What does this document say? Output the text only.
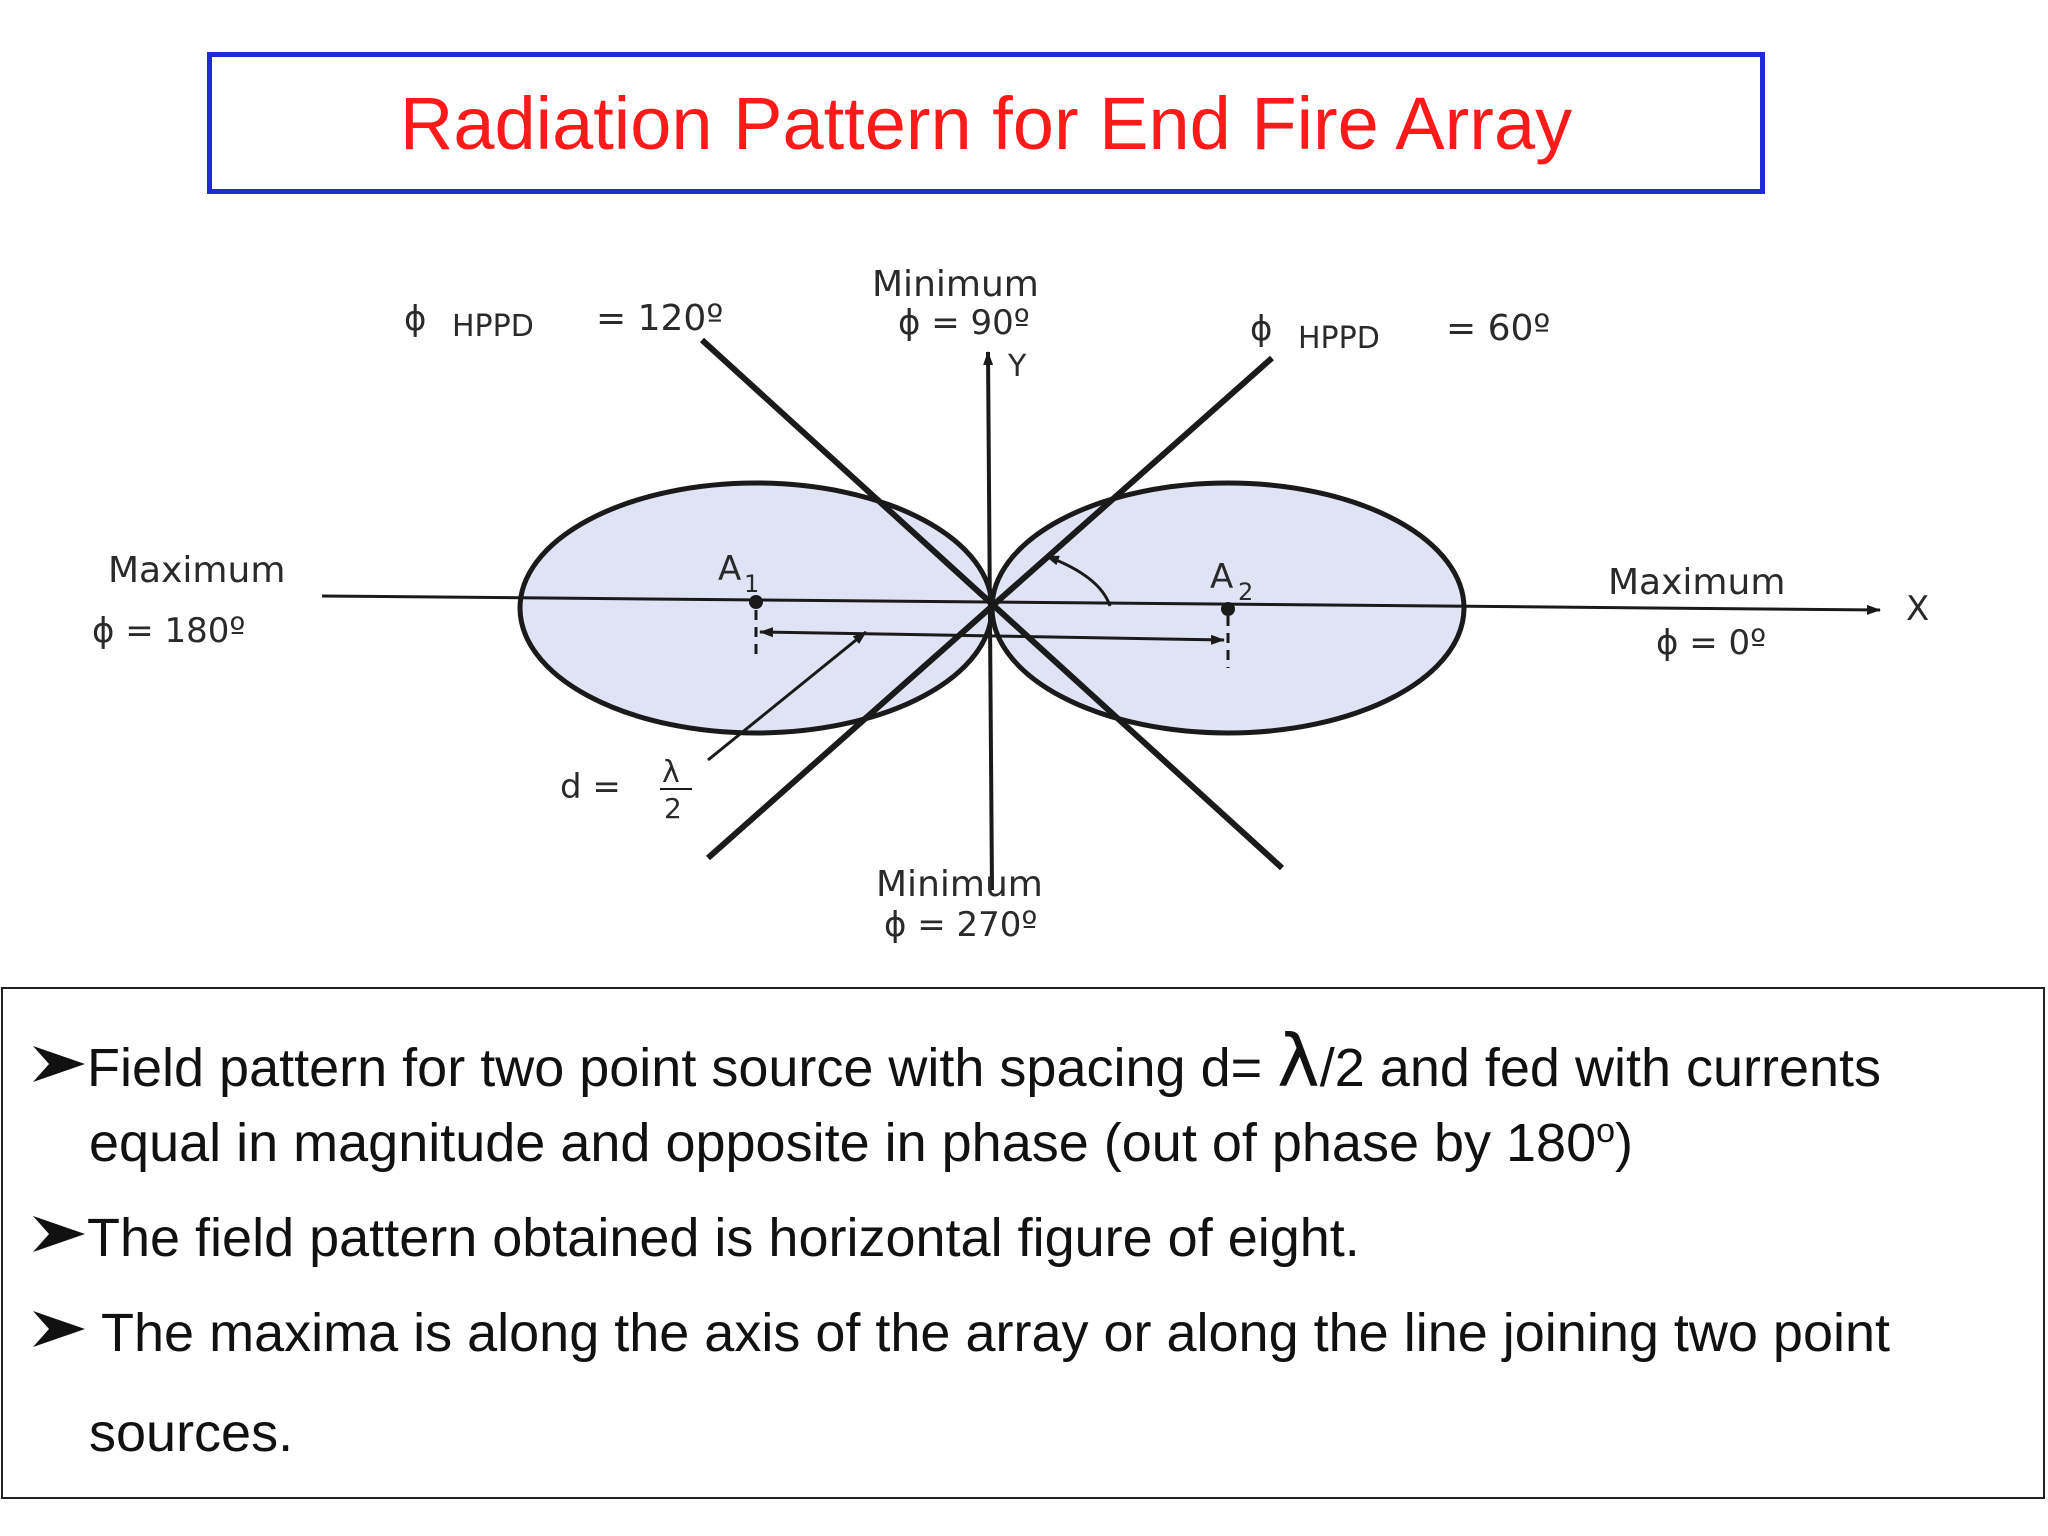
Radiation Pattern for End Fire Array
ϕ HPPD = 120º
Minimum
ϕ = 90º
Y
ϕ HPPD = 60º
Maximum
ϕ = 180º
Maximum
ϕ = 0º
X
A 1	A 2
d = λ
2
Minimum
ϕ = 270º
Field pattern for two point source with spacing d= λ/2 and fed with currents
equal in magnitude and opposite in phase (out of phase by 180$^o$)
The field pattern obtained is horizontal figure of eight.
The maxima is along the axis of the array or along the line joining two point
sources.
